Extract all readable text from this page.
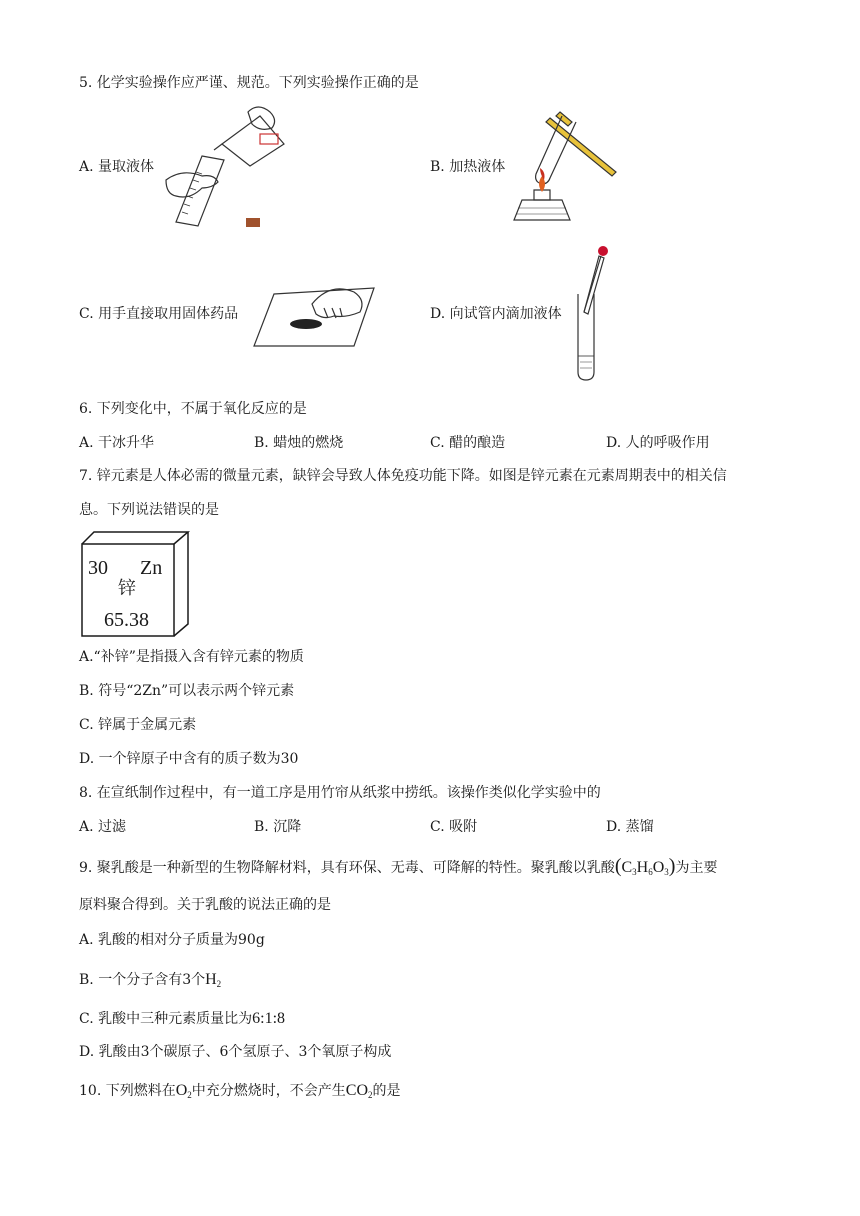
5. 化学实验操作应严谨、规范。下列实验操作正确的是
A. 量取液体	B. 加热液体
C. 用手直接取用固体药品	D. 向试管内滴加液体
6. 下列变化中，不属于氧化反应的是
A. 干冰升华	B. 蜡烛的燃烧	C. 醋的酿造	D. 人的呼吸作用
7. 锌元素是人体必需的微量元素，缺锌会导致人体免疫功能下降。如图是锌元素在元素周期表中的相关信
息。下列说法错误的是
30 Zn
锌
65.38
A.“补锌”是指摄入含有锌元素的物质
B. 符号“2Zn”可以表示两个锌元素
C. 锌属于金属元素
D. 一个锌原子中含有的质子数为30
8. 在宣纸制作过程中，有一道工序是用竹帘从纸浆中捞纸。该操作类似化学实验中的
A. 过滤	B. 沉降	C. 吸附	D. 蒸馏
9. 聚乳酸是一种新型的生物降解材料，具有环保、无毒、可降解的特性。聚乳酸以乳酸$(C_3H_6O_3)$为主要
原料聚合得到。关于乳酸的说法正确的是
A. 乳酸的相对分子质量为90g
B. 一个分子含有3个$H_2$
C. 乳酸中三种元素质量比为6:1:8
D. 乳酸由3个碳原子、6个氢原子、3个氧原子构成
10. 下列燃料在$O_2$中充分燃烧时，不会产生$CO_2$的是
